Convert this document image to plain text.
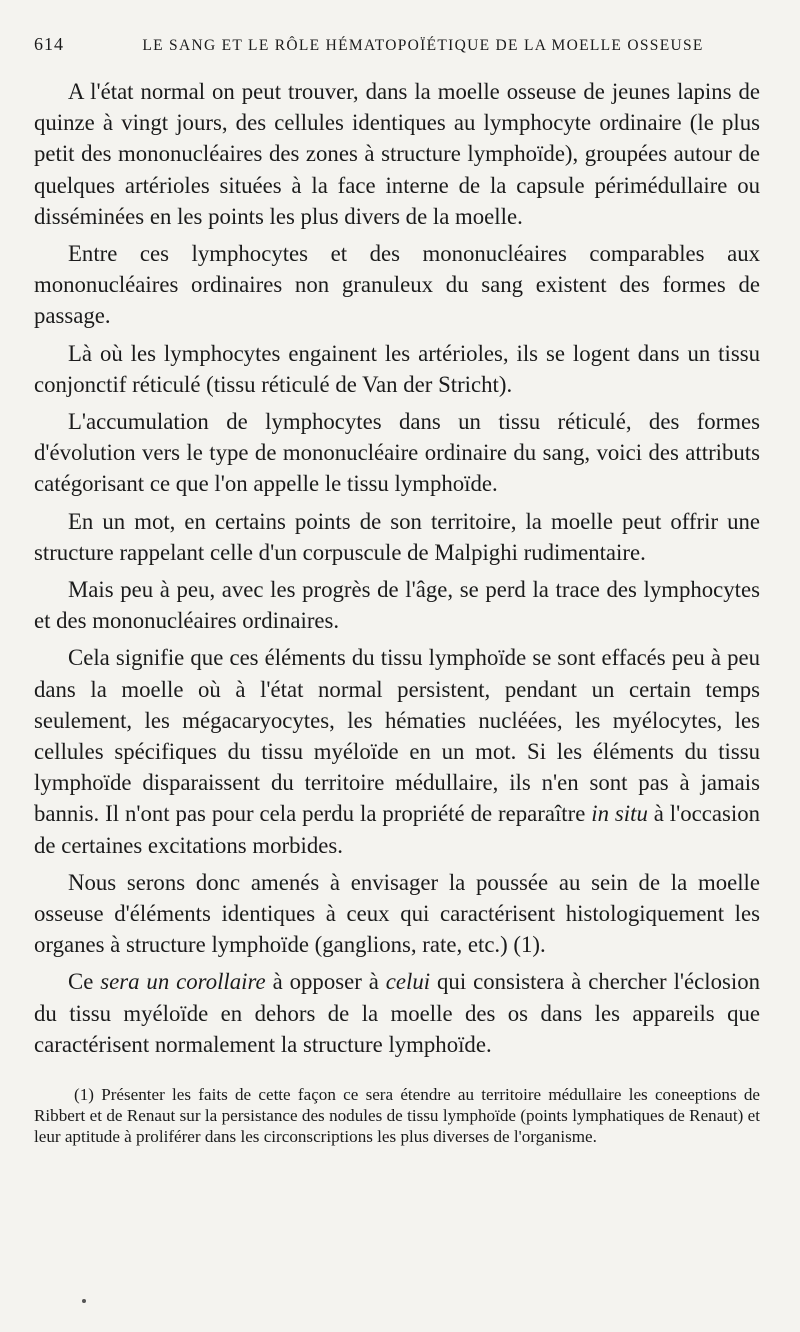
614	LE SANG ET LE RÔLE HÉMATOPOÏÉTIQUE DE LA MOELLE OSSEUSE

A l'état normal on peut trouver, dans la moelle osseuse de jeunes lapins de quinze à vingt jours, des cellules identiques au lymphocyte ordinaire (le plus petit des mononucléaires des zones à structure lymphoïde), groupées autour de quelques artérioles situées à la face interne de la capsule périmédullaire ou disséminées en les points les plus divers de la moelle.

Entre ces lymphocytes et des mononucléaires comparables aux mononucléaires ordinaires non granuleux du sang existent des formes de passage.

Là où les lymphocytes engainent les artérioles, ils se logent dans un tissu conjonctif réticulé (tissu réticulé de Van der Stricht).

L'accumulation de lymphocytes dans un tissu réticulé, des formes d'évolution vers le type de mononucléaire ordinaire du sang, voici des attributs catégorisant ce que l'on appelle le tissu lymphoïde.

En un mot, en certains points de son territoire, la moelle peut offrir une structure rappelant celle d'un corpuscule de Malpighi rudimentaire.

Mais peu à peu, avec les progrès de l'âge, se perd la trace des lymphocytes et des mononucléaires ordinaires.

Cela signifie que ces éléments du tissu lymphoïde se sont effacés peu à peu dans la moelle où à l'état normal persistent, pendant un certain temps seulement, les mégacaryocytes, les hématies nucléées, les myélocytes, les cellules spécifiques du tissu myéloïde en un mot. Si les éléments du tissu lymphoïde disparaissent du territoire médullaire, ils n'en sont pas à jamais bannis. Il n'ont pas pour cela perdu la propriété de reparaître in situ à l'occasion de certaines excitations morbides.

Nous serons donc amenés à envisager la poussée au sein de la moelle osseuse d'éléments identiques à ceux qui caractérisent histologiquement les organes à structure lymphoïde (ganglions, rate, etc.) (1).

Ce sera un corollaire à opposer à celui qui consistera à chercher l'éclosion du tissu myéloïde en dehors de la moelle des os dans les appareils que caractérisent normalement la structure lymphoïde.

(1) Présenter les faits de cette façon ce sera étendre au territoire médullaire les coneeptions de Ribbert et de Renaut sur la persistance des nodules de tissu lymphoïde (points lymphatiques de Renaut) et leur aptitude à proliférer dans les circonscriptions les plus diverses de l'organisme.
